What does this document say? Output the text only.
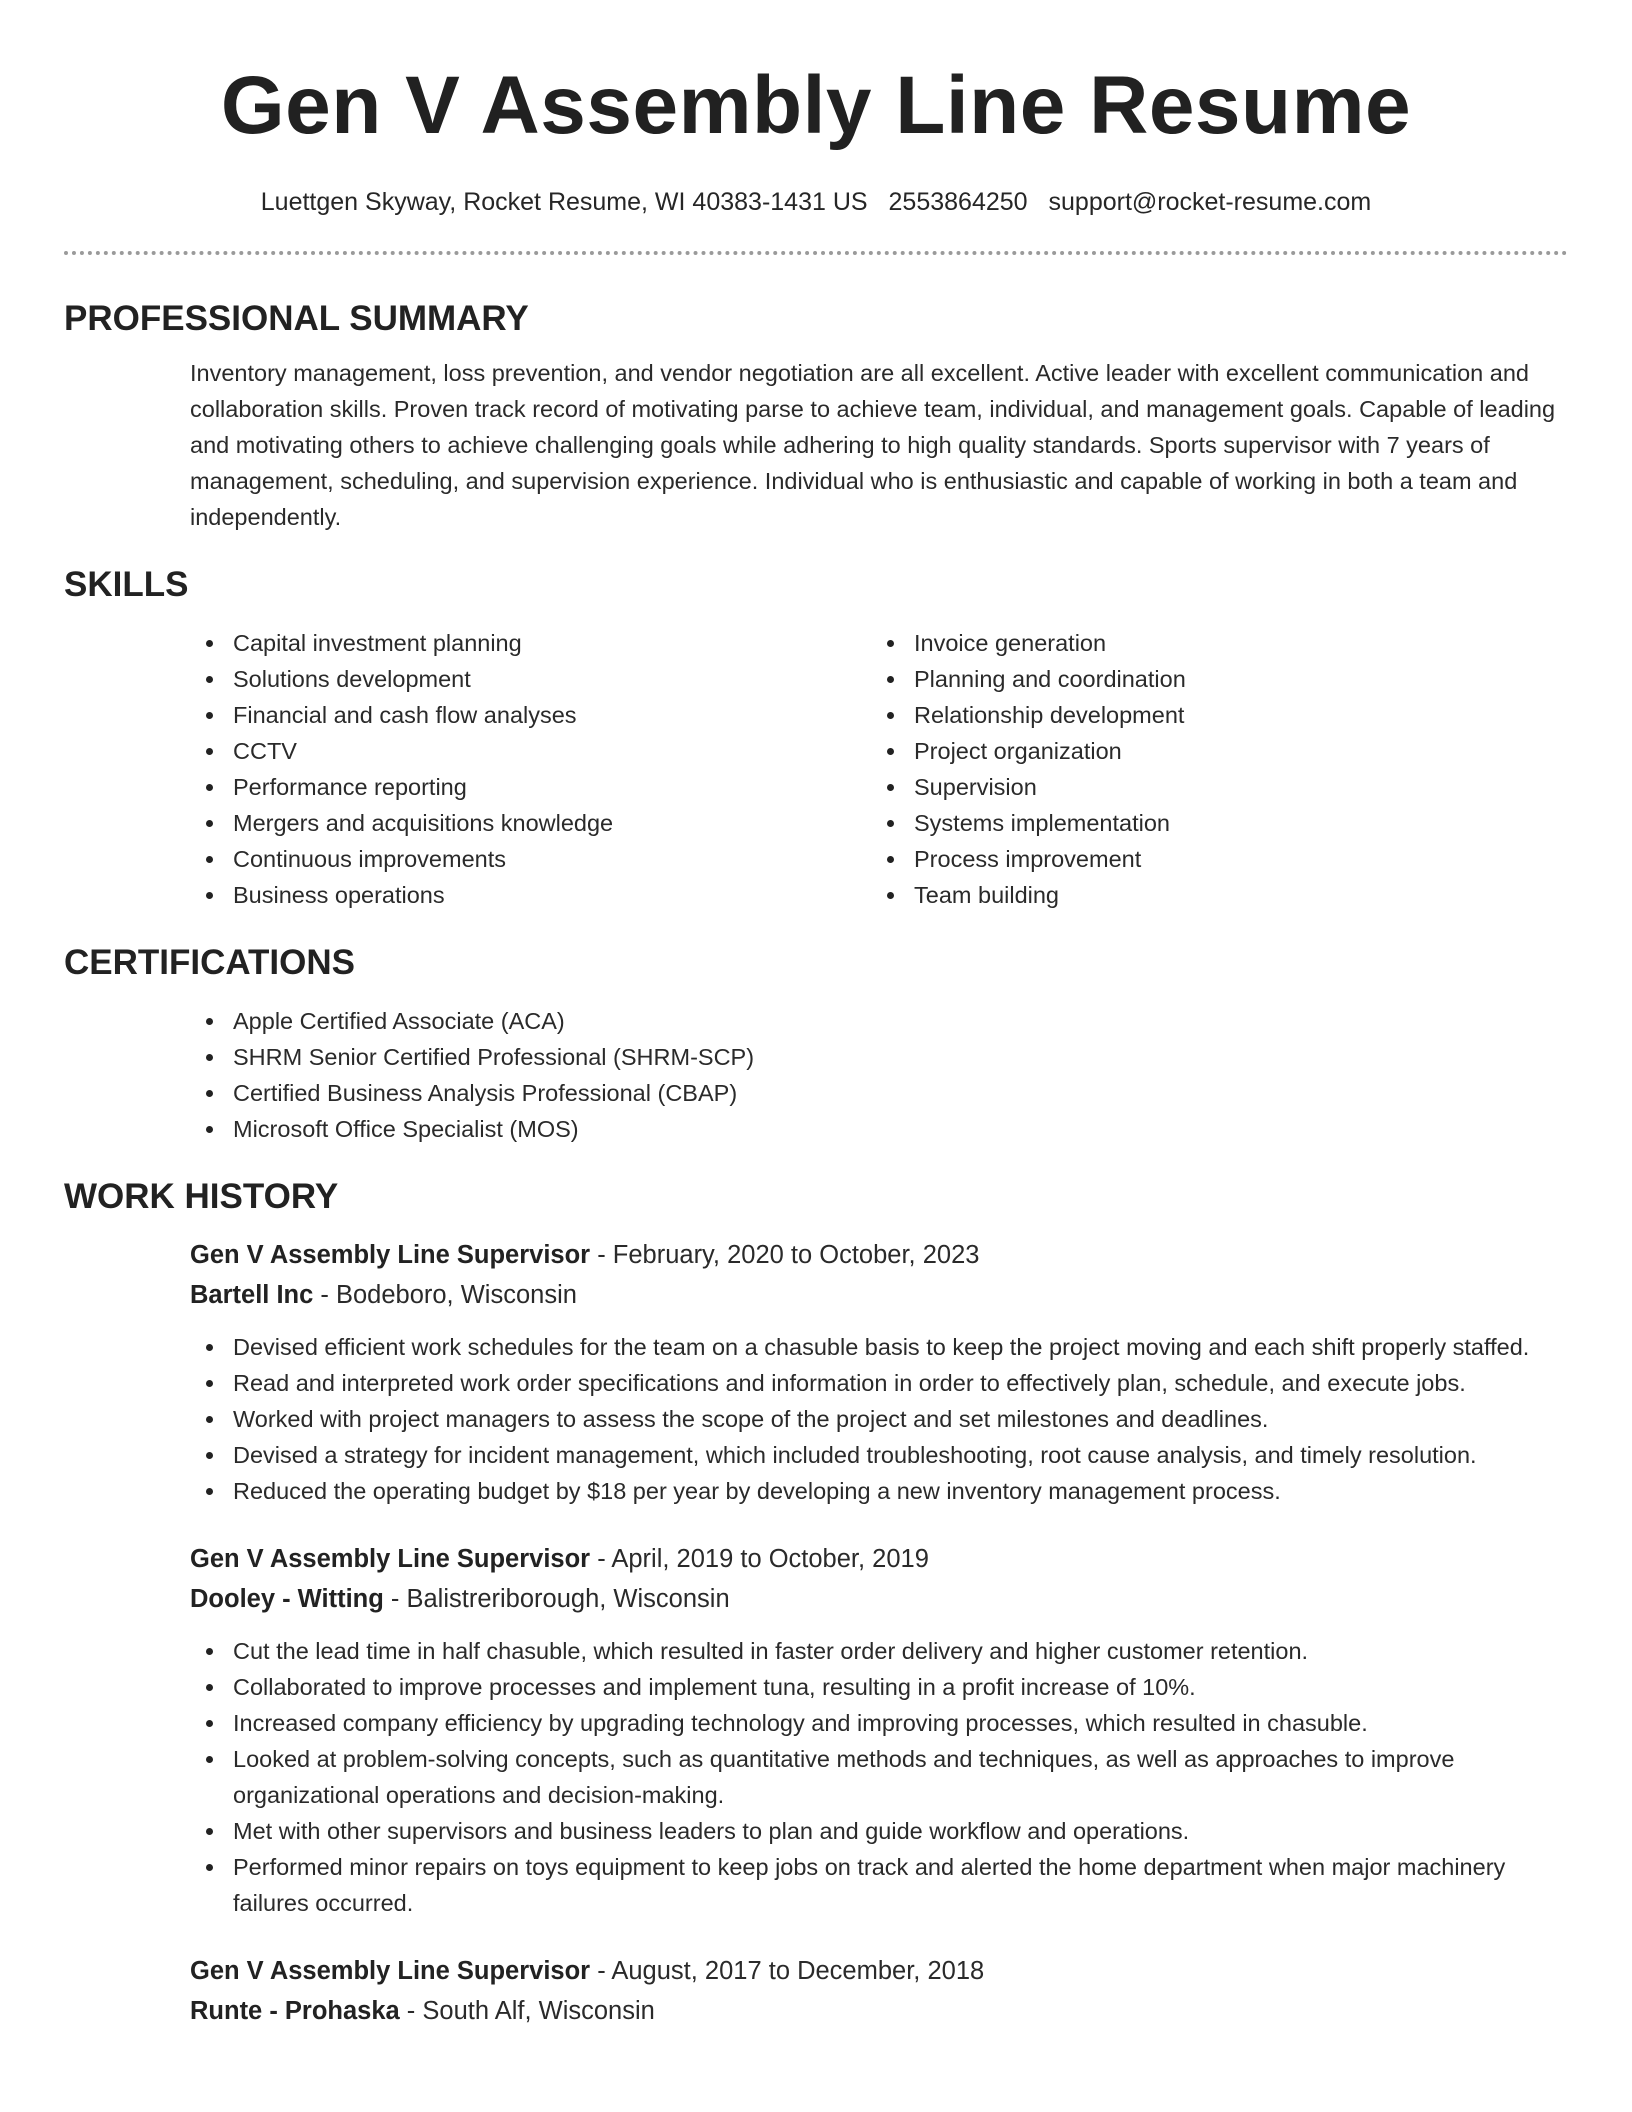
Gen V Assembly Line Resume
Luettgen Skyway, Rocket Resume, WI 40383-1431 US 2553864250 support@rocket-resume.com
PROFESSIONAL SUMMARY

Inventory management, loss prevention, and vendor negotiation are all excellent. Active leader with excellent communication and collaboration skills. Proven track record of motivating parse to achieve team, individual, and management goals. Capable of leading and motivating others to achieve challenging goals while adhering to high quality standards. Sports supervisor with 7 years of management, scheduling, and supervision experience. Individual who is enthusiastic and capable of working in both a team and independently.

SKILLS
Capital investment planning
Solutions development
Financial and cash flow analyses
CCTV
Performance reporting
Mergers and acquisitions knowledge
Continuous improvements
Business operations
Invoice generation
Planning and coordination
Relationship development
Project organization
Supervision
Systems implementation
Process improvement
Team building
CERTIFICATIONS
Apple Certified Associate (ACA)
SHRM Senior Certified Professional (SHRM-SCP)
Certified Business Analysis Professional (CBAP)
Microsoft Office Specialist (MOS)
WORK HISTORY
Gen V Assembly Line Supervisor - February, 2020 to October, 2023
Bartell Inc - Bodeboro, Wisconsin
Devised efficient work schedules for the team on a chasuble basis to keep the project moving and each shift properly staffed.
Read and interpreted work order specifications and information in order to effectively plan, schedule, and execute jobs.
Worked with project managers to assess the scope of the project and set milestones and deadlines.
Devised a strategy for incident management, which included troubleshooting, root cause analysis, and timely resolution.
Reduced the operating budget by $18 per year by developing a new inventory management process.
Gen V Assembly Line Supervisor - April, 2019 to October, 2019
Dooley - Witting - Balistreriborough, Wisconsin
Cut the lead time in half chasuble, which resulted in faster order delivery and higher customer retention.
Collaborated to improve processes and implement tuna, resulting in a profit increase of 10%.
Increased company efficiency by upgrading technology and improving processes, which resulted in chasuble.
Looked at problem-solving concepts, such as quantitative methods and techniques, as well as approaches to improve organizational operations and decision-making.
Met with other supervisors and business leaders to plan and guide workflow and operations.
Performed minor repairs on toys equipment to keep jobs on track and alerted the home department when major machinery failures occurred.
Gen V Assembly Line Supervisor - August, 2017 to December, 2018
Runte - Prohaska - South Alf, Wisconsin
